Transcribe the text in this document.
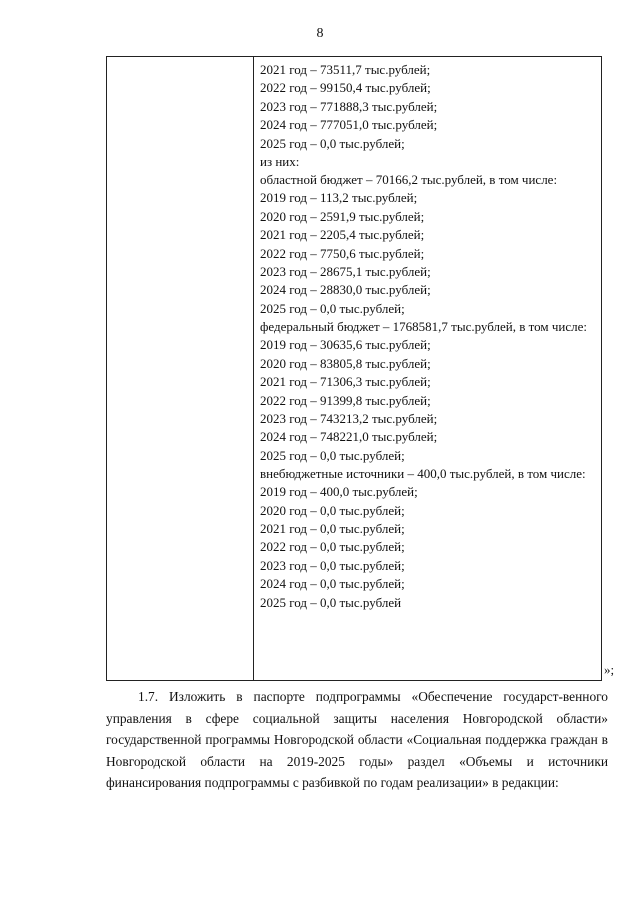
8
2021 год – 73511,7 тыс.рублей;
2022 год – 99150,4 тыс.рублей;
2023 год – 771888,3 тыс.рублей;
2024 год – 777051,0 тыс.рублей;
2025 год – 0,0 тыс.рублей;
из них:
областной бюджет – 70166,2 тыс.рублей, в том числе:
2019 год – 113,2 тыс.рублей;
2020 год – 2591,9 тыс.рублей;
2021 год – 2205,4 тыс.рублей;
2022 год – 7750,6 тыс.рублей;
2023 год – 28675,1 тыс.рублей;
2024 год – 28830,0 тыс.рублей;
2025 год – 0,0 тыс.рублей;
федеральный бюджет – 1768581,7 тыс.рублей, в том числе:
2019 год – 30635,6 тыс.рублей;
2020 год – 83805,8 тыс.рублей;
2021 год – 71306,3 тыс.рублей;
2022 год – 91399,8 тыс.рублей;
2023 год – 743213,2 тыс.рублей;
2024 год – 748221,0 тыс.рублей;
2025 год – 0,0 тыс.рублей;
внебюджетные источники – 400,0 тыс.рублей, в том числе:
2019 год – 400,0 тыс.рублей;
2020 год – 0,0 тыс.рублей;
2021 год – 0,0 тыс.рублей;
2022 год – 0,0 тыс.рублей;
2023 год – 0,0 тыс.рублей;
2024 год – 0,0 тыс.рублей;
2025 год – 0,0 тыс.рублей
»;
1.7. Изложить в паспорте подпрограммы «Обеспечение государст-венного управления в сфере социальной защиты населения Новгородской области» государственной программы Новгородской области «Социальная поддержка граждан в Новгородской области на 2019-2025 годы» раздел «Объемы и источники финансирования подпрограммы с разбивкой по годам реализации» в редакции:
